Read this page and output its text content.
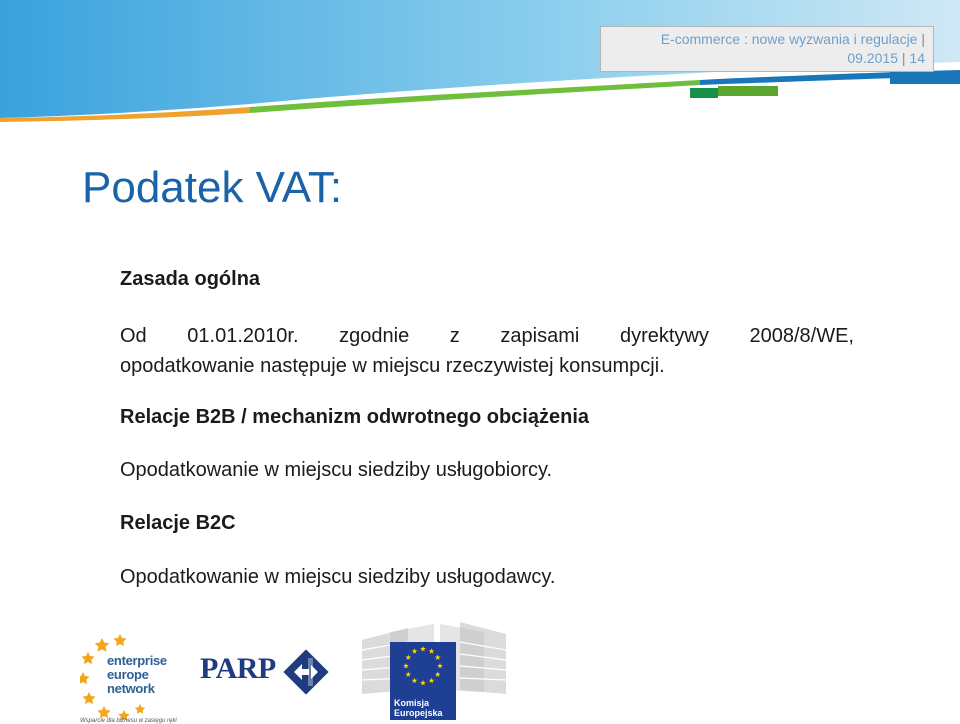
E-commerce : nowe wyzwania i regulacje |
09.2015 | 14
Podatek VAT:

Zasada ogólna

Od 01.01.2010r. zgodnie z zapisami dyrektywy 2008/8/WE,
opodatkowanie następuje w miejscu rzeczywistej konsumpcji.

Relacje B2B / mechanizm odwrotnego obciążenia

Opodatkowanie w miejscu siedziby usługobiorcy.

Relacje B2C

Opodatkowanie w miejscu siedziby usługodawcy.

enterprise
europe
network
Wsparcie dla biznesu w zasięgu ręki
PARP
Komisja
Europejska
